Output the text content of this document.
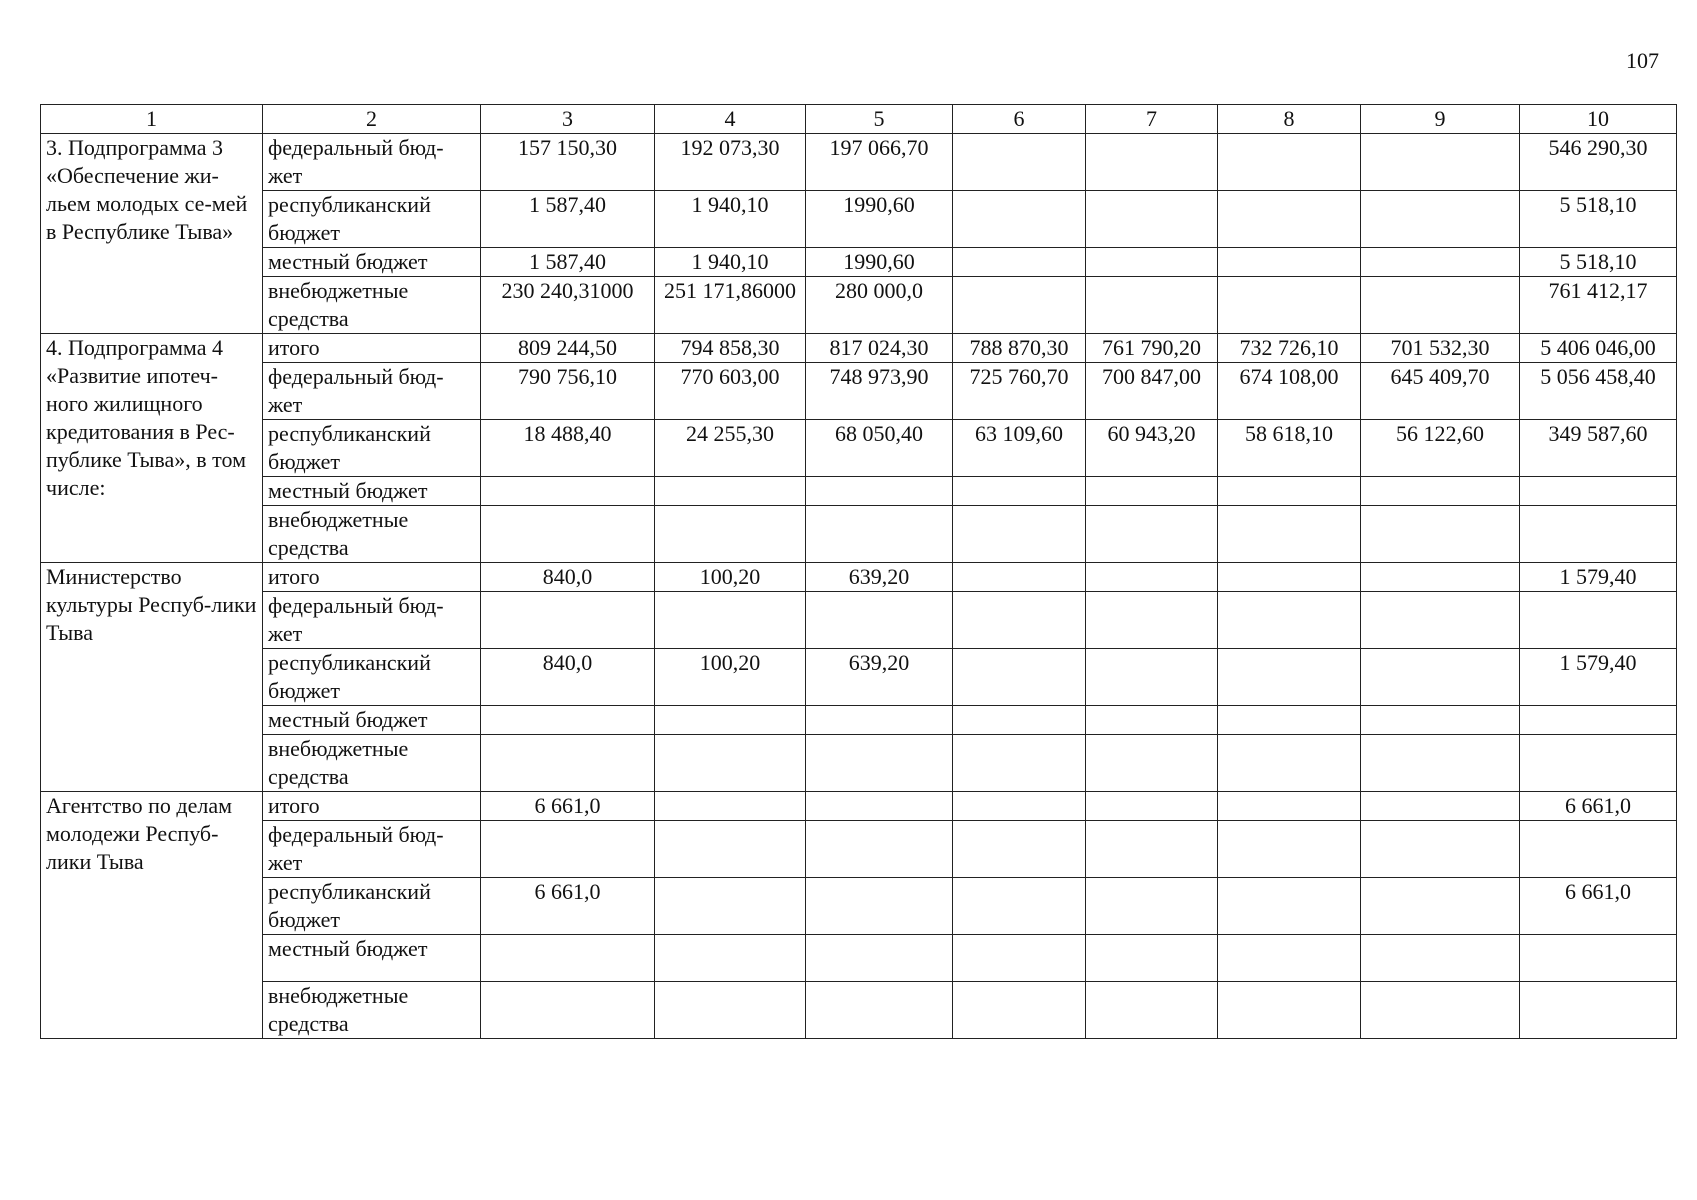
107
1	2	3	4	5	6	7	8	9	10
3. Подпрограмма 3 «Обеспечение жи-льем молодых се-мей в Республике Тыва»	федеральный бюд-жет	157 150,30	192 073,30	197 066,70					546 290,30
	республиканский бюджет	1 587,40	1 940,10	1990,60					5 518,10
	местный бюджет	1 587,40	1 940,10	1990,60					5 518,10
	внебюджетные средства	230 240,31000	251 171,86000	280 000,0					761 412,17
4. Подпрограмма 4 «Развитие ипотеч-ного жилищного кредитования в Рес-публике Тыва», в том числе:	итого	809 244,50	794 858,30	817 024,30	788 870,30	761 790,20	732 726,10	701 532,30	5 406 046,00
	федеральный бюд-жет	790 756,10	770 603,00	748 973,90	725 760,70	700 847,00	674 108,00	645 409,70	5 056 458,40
	республиканский бюджет	18 488,40	24 255,30	68 050,40	63 109,60	60 943,20	58 618,10	56 122,60	349 587,60
	местный бюджет								
	внебюджетные средства								
Министерство культуры Респуб-лики Тыва	итого	840,0	100,20	639,20					1 579,40
	федеральный бюд-жет								
	республиканский бюджет	840,0	100,20	639,20					1 579,40
	местный бюджет								
	внебюджетные средства								
Агентство по делам молодежи Респуб-лики Тыва	итого	6 661,0							6 661,0
	федеральный бюд-жет								
	республиканский бюджет	6 661,0							6 661,0
	местный бюджет								
	внебюджетные средства								
